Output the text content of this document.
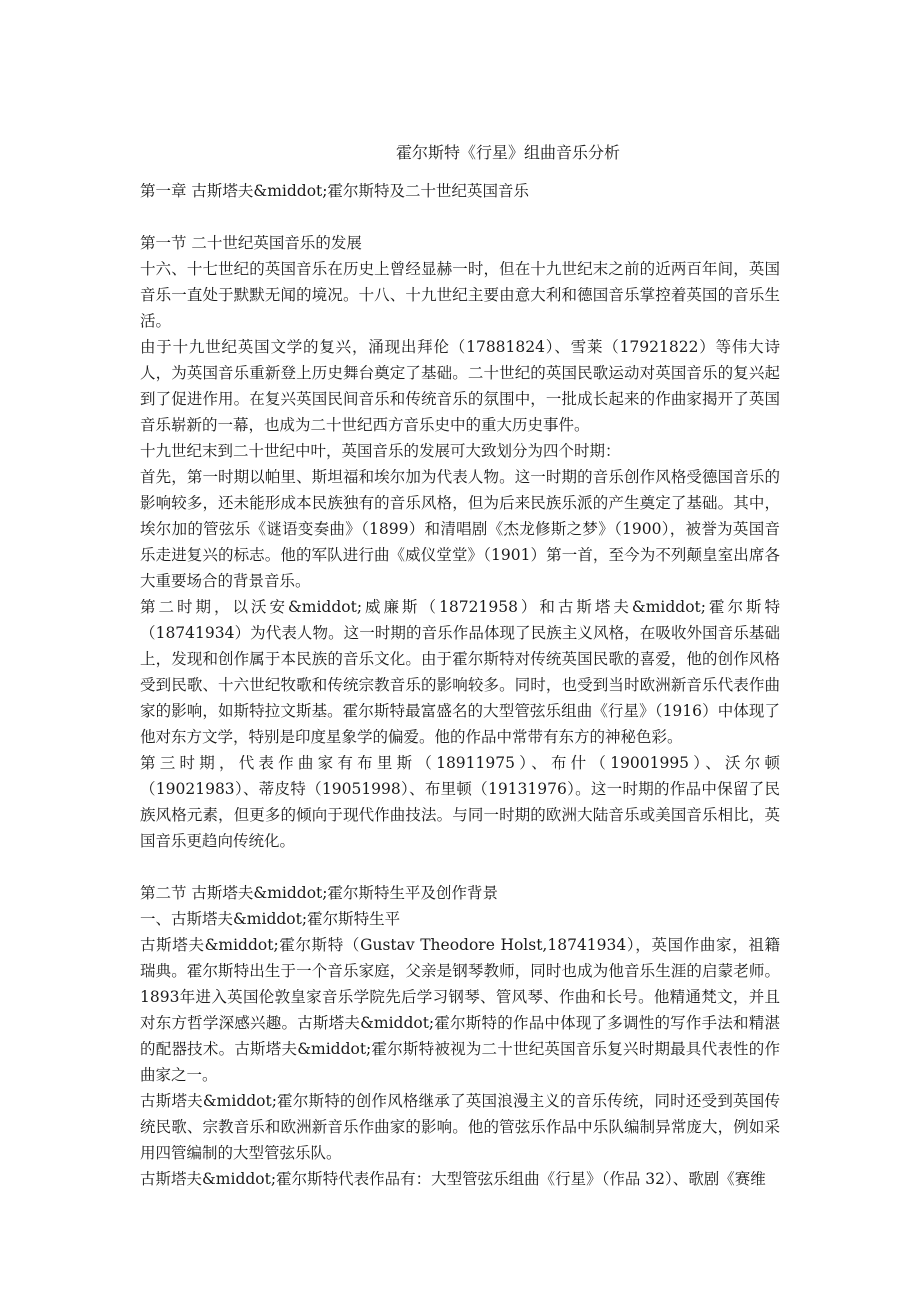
霍尔斯特《行星》组曲音乐分析

第一章 古斯塔夫&middot;霍尔斯特及二十世纪英国音乐

第一节 二十世纪英国音乐的发展

十六、十七世纪的英国音乐在历史上曾经显赫一时，但在十九世纪末之前的近两百年间，英国音乐一直处于默默无闻的境况。十八、十九世纪主要由意大利和德国音乐掌控着英国的音乐生活。

由于十九世纪英国文学的复兴，涌现出拜伦（17881824）、雪莱（17921822）等伟大诗人，为英国音乐重新登上历史舞台奠定了基础。二十世纪的英国民歌运动对英国音乐的复兴起到了促进作用。在复兴英国民间音乐和传统音乐的氛围中，一批成长起来的作曲家揭开了英国音乐崭新的一幕，也成为二十世纪西方音乐史中的重大历史事件。

十九世纪末到二十世纪中叶，英国音乐的发展可大致划分为四个时期：

首先，第一时期以帕里、斯坦福和埃尔加为代表人物。这一时期的音乐创作风格受德国音乐的影响较多，还未能形成本民族独有的音乐风格，但为后来民族乐派的产生奠定了基础。其中，埃尔加的管弦乐《谜语变奏曲》（1899）和清唱剧《杰龙修斯之梦》（1900），被誉为英国音乐走进复兴的标志。他的军队进行曲《威仪堂堂》（1901）第一首，至今为不列颠皇室出席各大重要场合的背景音乐。

第二时期，以沃安&middot;威廉斯（18721958）和古斯塔夫&middot;霍尔斯特（18741934）为代表人物。这一时期的音乐作品体现了民族主义风格，在吸收外国音乐基础上，发现和创作属于本民族的音乐文化。由于霍尔斯特对传统英国民歌的喜爱，他的创作风格受到民歌、十六世纪牧歌和传统宗教音乐的影响较多。同时，也受到当时欧洲新音乐代表作曲家的影响，如斯特拉文斯基。霍尔斯特最富盛名的大型管弦乐组曲《行星》（1916）中体现了他对东方文学，特别是印度星象学的偏爱。他的作品中常带有东方的神秘色彩。

第三时期，代表作曲家有布里斯（18911975）、布什（19001995）、沃尔顿（19021983）、蒂皮特（19051998）、布里顿（19131976）。这一时期的作品中保留了民族风格元素，但更多的倾向于现代作曲技法。与同一时期的欧洲大陆音乐或美国音乐相比，英国音乐更趋向传统化。

第二节 古斯塔夫&middot;霍尔斯特生平及创作背景

一、古斯塔夫&middot;霍尔斯特生平

古斯塔夫&middot;霍尔斯特（Gustav Theodore Holst,18741934），英国作曲家，祖籍瑞典。霍尔斯特出生于一个音乐家庭，父亲是钢琴教师，同时也成为他音乐生涯的启蒙老师。1893年进入英国伦敦皇家音乐学院先后学习钢琴、管风琴、作曲和长号。他精通梵文，并且对东方哲学深感兴趣。古斯塔夫&middot;霍尔斯特的作品中体现了多调性的写作手法和精湛的配器技术。古斯塔夫&middot;霍尔斯特被视为二十世纪英国音乐复兴时期最具代表性的作曲家之一。

古斯塔夫&middot;霍尔斯特的创作风格继承了英国浪漫主义的音乐传统，同时还受到英国传统民歌、宗教音乐和欧洲新音乐作曲家的影响。他的管弦乐作品中乐队编制异常庞大，例如采用四管编制的大型管弦乐队。

古斯塔夫&middot;霍尔斯特代表作品有：大型管弦乐组曲《行星》（作品 32）、歌剧《赛维
